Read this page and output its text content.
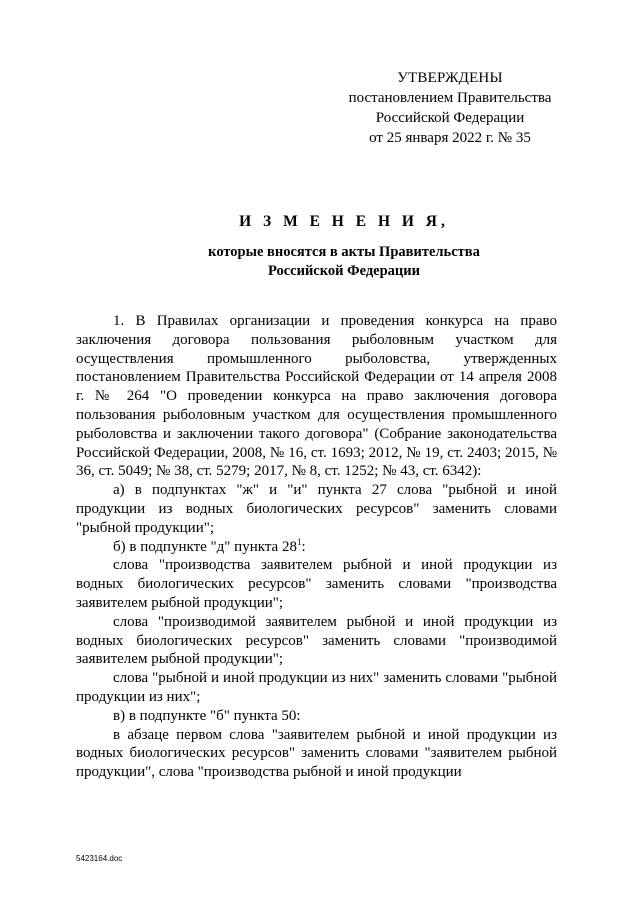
УТВЕРЖДЕНЫ
постановлением Правительства
Российской Федерации
от 25 января 2022 г. № 35
И З М Е Н Е Н И Я,
которые вносятся в акты Правительства
Российской Федерации

1. В Правилах организации и проведения конкурса на право заключения договора пользования рыболовным участком для осуществления промышленного рыболовства, утвержденных постановлением Правительства Российской Федерации от 14 апреля 2008 г. № 264 "О проведении конкурса на право заключения договора пользования рыболовным участком для осуществления промышленного рыболовства и заключении такого договора" (Собрание законодательства Российской Федерации, 2008, № 16, ст. 1693; 2012, № 19, ст. 2403; 2015, № 36, ст. 5049; № 38, ст. 5279; 2017, № 8, ст. 1252; № 43, ст. 6342):

а) в подпунктах "ж" и "и" пункта 27 слова "рыбной и иной продукции из водных биологических ресурсов" заменить словами "рыбной продукции";

б) в подпункте "д" пункта $28^1$:

слова "производства заявителем рыбной и иной продукции из водных биологических ресурсов" заменить словами "производства заявителем рыбной продукции";

слова "производимой заявителем рыбной и иной продукции из водных биологических ресурсов" заменить словами "производимой заявителем рыбной продукции";

слова "рыбной и иной продукции из них" заменить словами "рыбной продукции из них";

в) в подпункте "б" пункта 50:

в абзаце первом слова "заявителем рыбной и иной продукции из водных биологических ресурсов" заменить словами "заявителем рыбной продукции", слова "производства рыбной и иной продукции

5423164.doc
